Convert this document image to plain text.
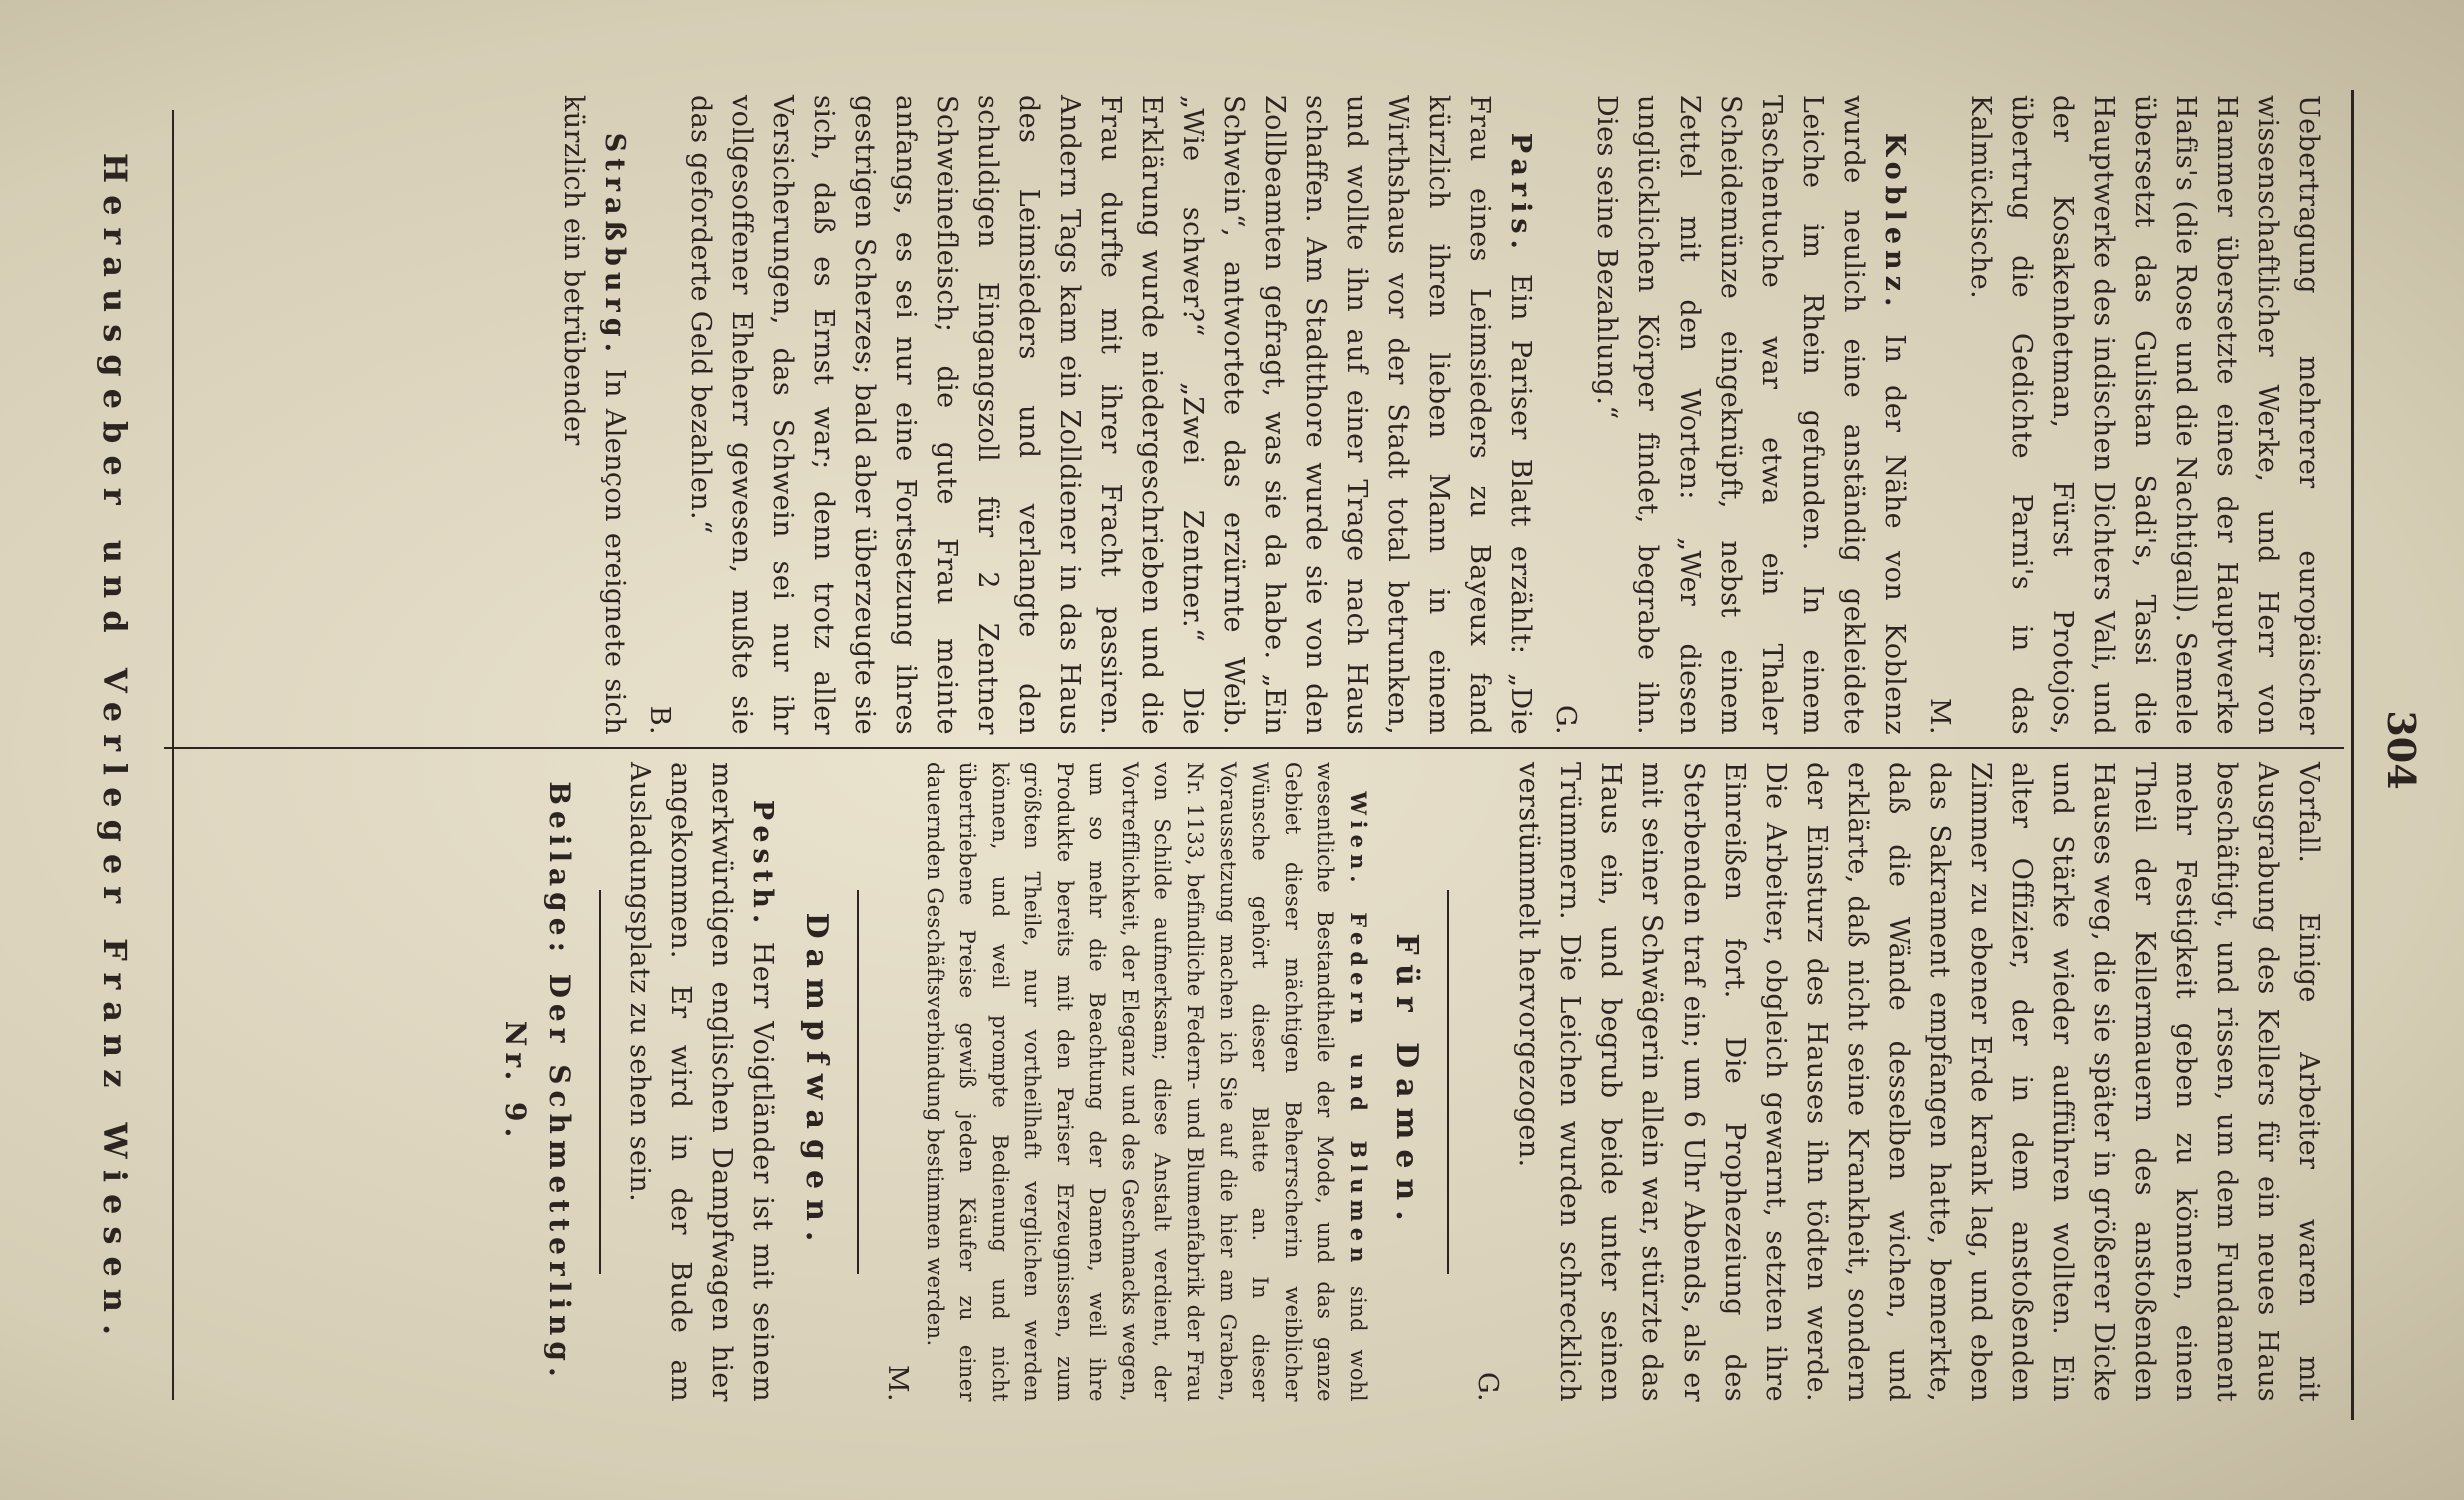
304

Uebertragung mehrerer europäischer wissenschaftlicher Werke, und Herr von Hammer übersetzte eines der Hauptwerke Hafis's (die Rose und die Nachtigall). Semele übersetzt das Gulistan Sadi's, Tassi die Hauptwerke des indischen Dichters Vali, und der Kosakenhetman, Fürst Protojos, übertrug die Gedichte Parni's in das Kalmückische.

M.

Koblenz. In der Nähe von Koblenz wurde neulich eine anständig gekleidete Leiche im Rhein gefunden. In einem Taschentuche war etwa ein Thaler Scheidemünze eingeknüpft, nebst einem Zettel mit den Worten: „Wer diesen unglücklichen Körper findet, begrabe ihn. Dies seine Bezahlung.“

G.

Paris. Ein Pariser Blatt erzählt: „Die Frau eines Leimsieders zu Bayeux fand kürzlich ihren lieben Mann in einem Wirthshaus vor der Stadt total betrunken, und wollte ihn auf einer Trage nach Haus schaffen. Am Stadtthore wurde sie von den Zollbeamten gefragt, was sie da habe. „Ein Schwein“, antwortete das erzürnte Weib. „Wie schwer?“ „Zwei Zentner.“ Die Erklärung wurde niedergeschrieben und die Frau durfte mit ihrer Fracht passiren. Andern Tags kam ein Zolldiener in das Haus des Leimsieders und verlangte den schuldigen Eingangszoll für 2 Zentner Schweinefleisch; die gute Frau meinte anfangs, es sei nur eine Fortsetzung ihres gestrigen Scherzes; bald aber überzeugte sie sich, daß es Ernst war; denn trotz aller Versicherungen, das Schwein sei nur ihr vollgesoffener Eheherr gewesen, mußte sie das geforderte Geld bezahlen.“

B.

Straßburg. In Alençon ereignete sich kürzlich ein betrübender

Vorfall. Einige Arbeiter waren mit Ausgrabung des Kellers für ein neues Haus beschäftigt, und rissen, um dem Fundament mehr Festigkeit geben zu können, einen Theil der Kellermauern des anstoßenden Hauses weg, die sie später in größerer Dicke und Stärke wieder aufführen wollten. Ein alter Offizier, der in dem anstoßenden Zimmer zu ebener Erde krank lag, und eben das Sakrament empfangen hatte, bemerkte, daß die Wände desselben wichen, und erklärte, daß nicht seine Krankheit, sondern der Einsturz des Hauses ihn tödten werde. Die Arbeiter, obgleich gewarnt, setzten ihre Einreißen fort. Die Prophezeiung des Sterbenden traf ein; um 6 Uhr Abends, als er mit seiner Schwägerin allein war, stürzte das Haus ein, und begrub beide unter seinen Trümmern. Die Leichen wurden schrecklich verstümmelt hervorgezogen.

G.

Für Damen.

Wien. Federn und Blumen sind wohl wesentliche Bestandtheile der Mode, und das ganze Gebiet dieser mächtigen Beherrscherin weiblicher Wünsche gehört dieser Blatte an. In dieser Voraussetzung machen ich Sie auf die hier am Graben, Nr. 1133, befindliche Federn- und Blumenfabrik der Frau von Schilde aufmerksam; diese Anstalt verdient, der Vortrefflichkeit, der Eleganz und des Geschmacks wegen, um so mehr die Beachtung der Damen, weil ihre Produkte bereits mit den Pariser Erzeugnissen, zum größten Theile, nur vortheilhaft verglichen werden können, und weil prompte Bedienung und nicht übertriebene Preise gewiß jeden Käufer zu einer dauernden Geschäftsverbindung bestimmen werden.

M.

Dampfwagen.

Pesth. Herr Voigtländer ist mit seinem merkwürdigen englischen Dampfwagen hier angekommen. Er wird in der Bude am Ausladungsplatz zu sehen sein.

Beilage: Der Schmetterling. Nr. 9.
Herausgeber und Verleger Franz Wiesen.
